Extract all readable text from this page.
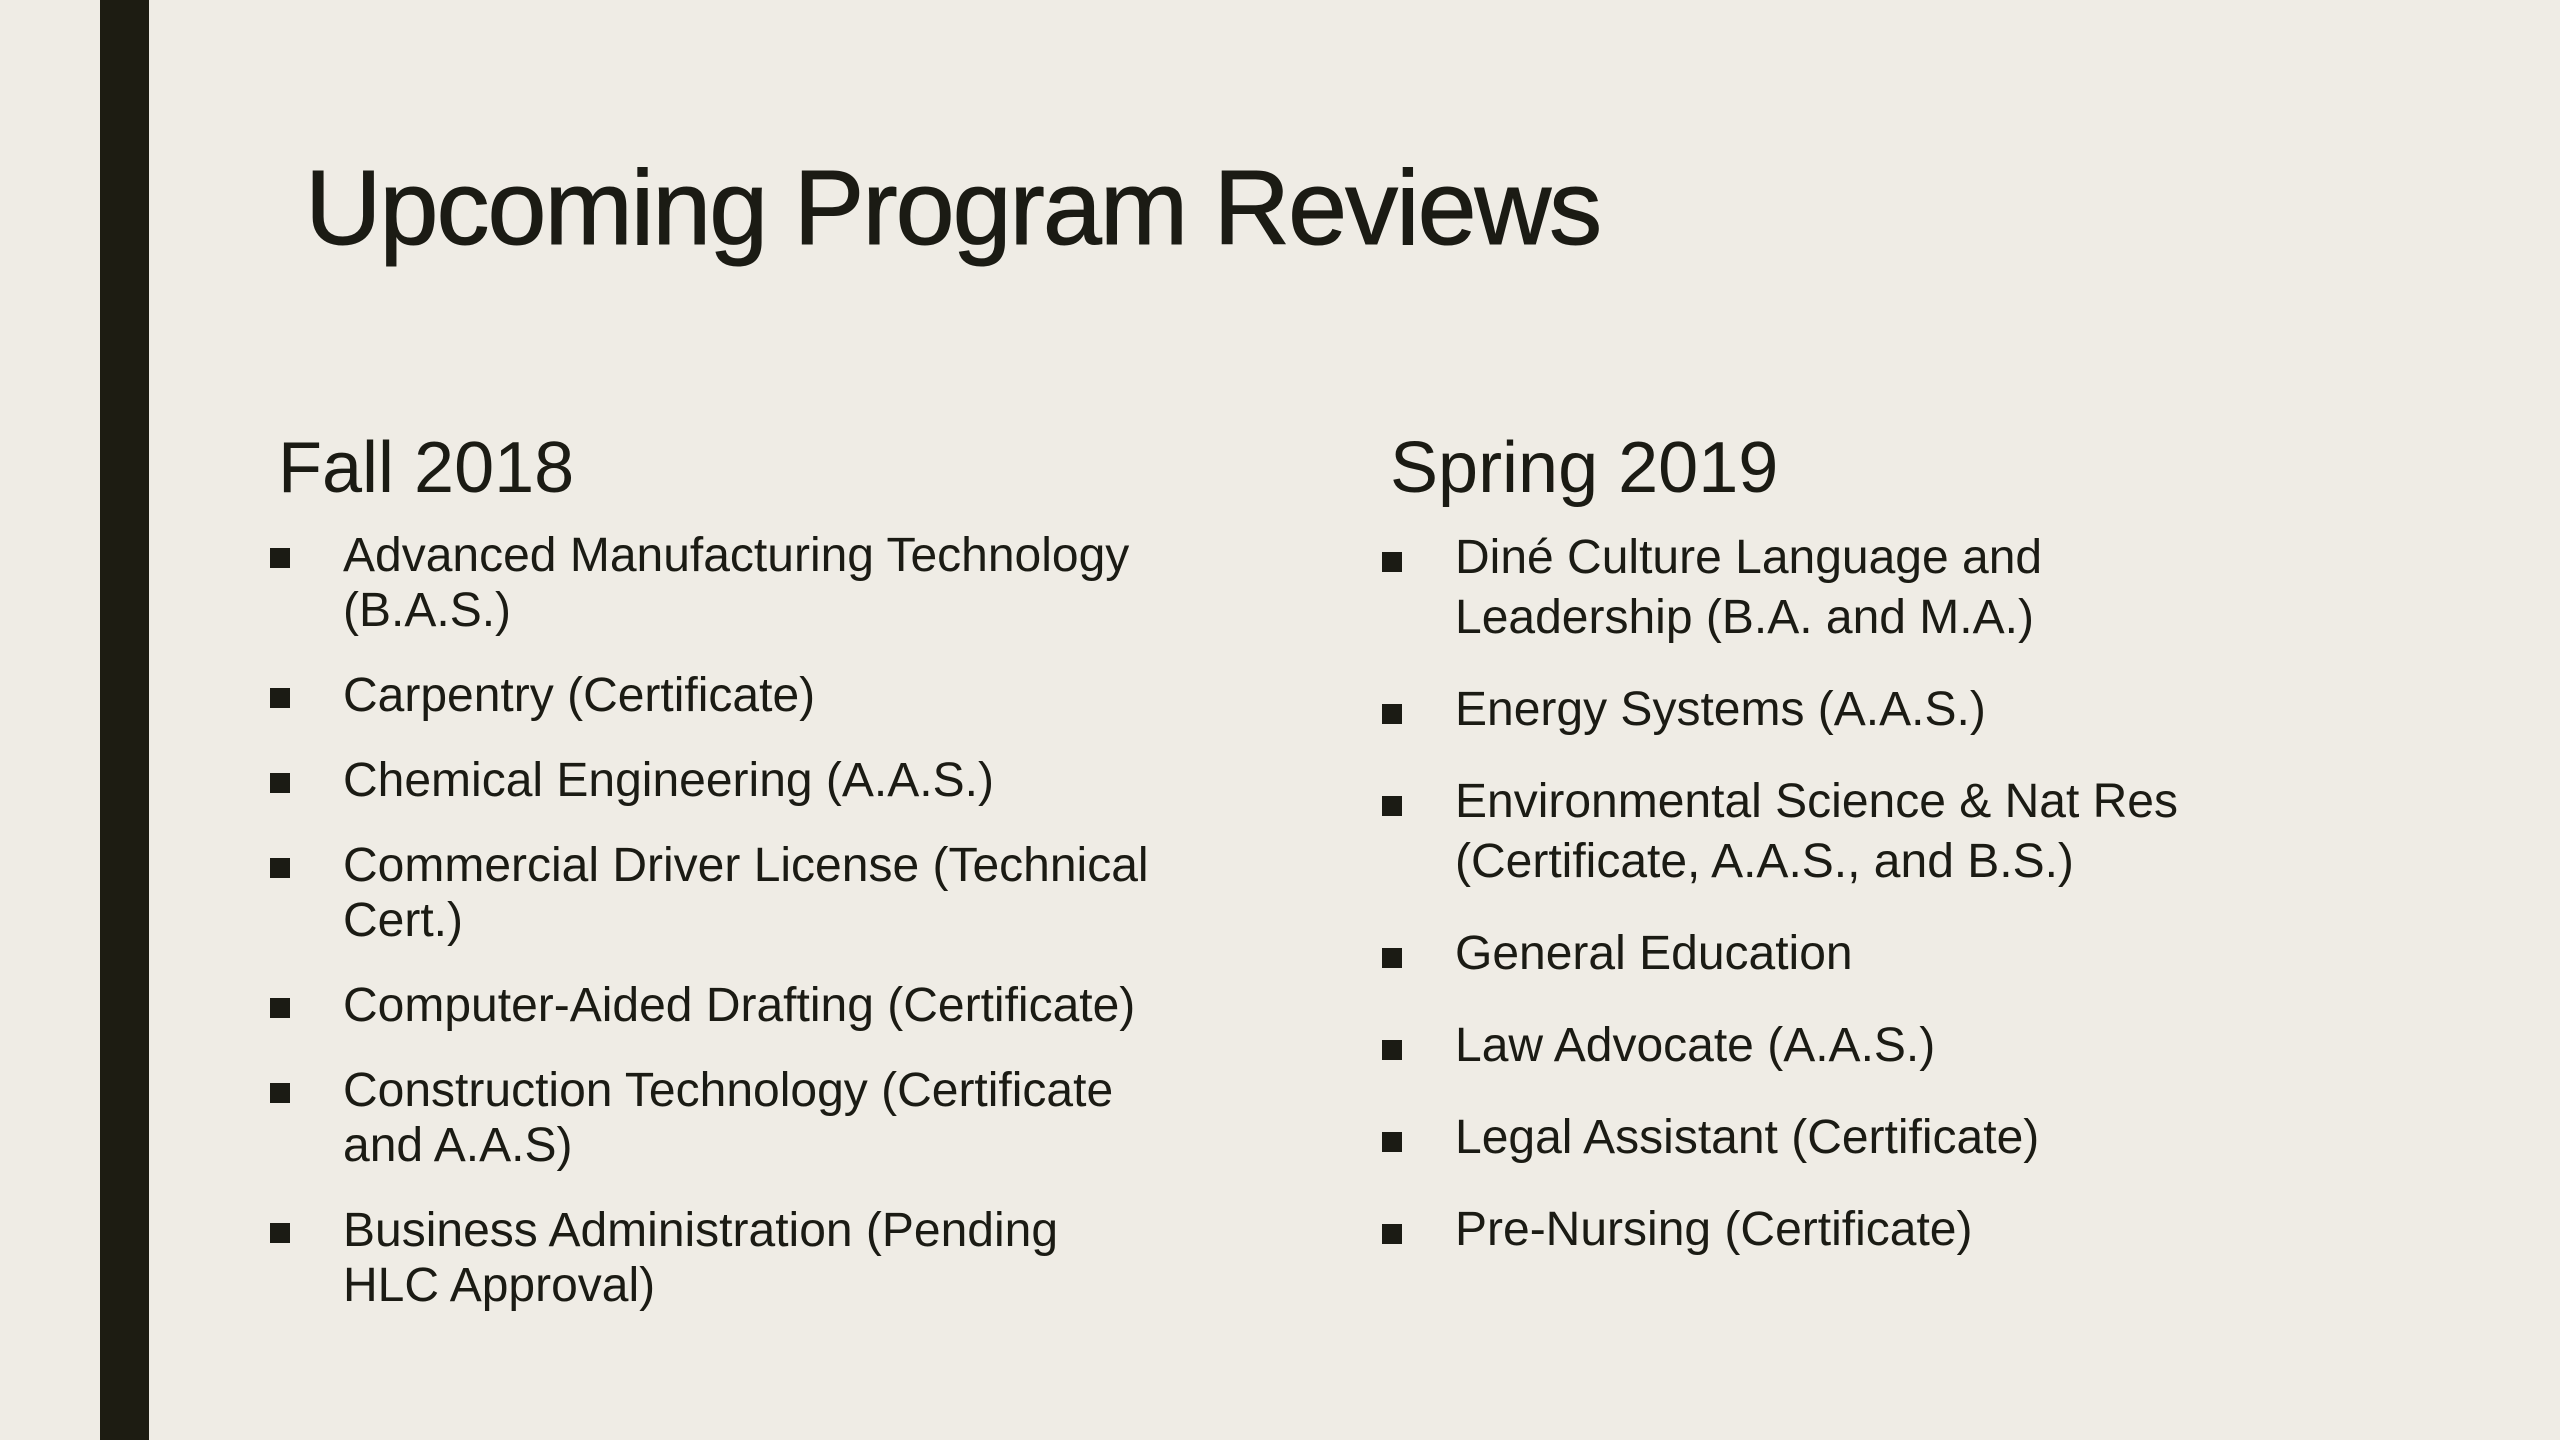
Upcoming Program Reviews
Fall 2018
Advanced Manufacturing Technology
(B.A.S.)
Carpentry (Certificate)
Chemical Engineering (A.A.S.)
Commercial Driver License (Technical
Cert.)
Computer-Aided Drafting (Certificate)
Construction Technology (Certificate
and A.A.S)
Business Administration (Pending
HLC Approval)
Spring 2019
Diné Culture Language and
Leadership (B.A. and M.A.)
Energy Systems (A.A.S.)
Environmental Science & Nat Res
(Certificate, A.A.S., and B.S.)
General Education
Law Advocate (A.A.S.)
Legal Assistant (Certificate)
Pre-Nursing (Certificate)
